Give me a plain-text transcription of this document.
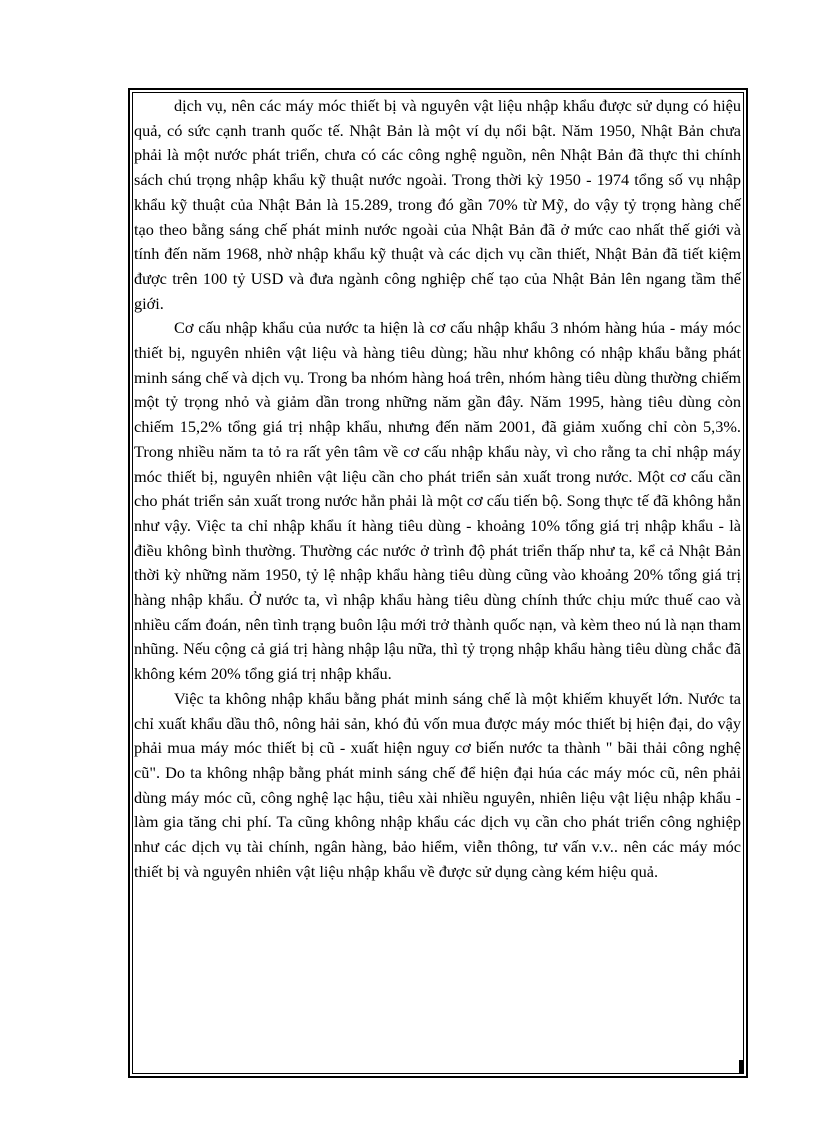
dịch vụ, nên các máy móc thiết bị và nguyên vật liệu nhập khẩu được sử dụng có hiệu quả, có sức cạnh tranh quốc tế. Nhật Bản là một ví dụ nổi bật. Năm 1950, Nhật Bản chưa phải là một nước phát triển, chưa có các công nghệ nguồn, nên Nhật Bản đã thực thi chính sách chú trọng nhập khẩu kỹ thuật nước ngoài. Trong thời kỳ 1950 - 1974 tổng số vụ nhập khẩu kỹ thuật của Nhật Bản là 15.289, trong đó gần 70% từ Mỹ, do vậy tỷ trọng hàng chế tạo theo bằng sáng chế phát minh nước ngoài của Nhật Bản đã ở mức cao nhất thế giới và tính đến năm 1968, nhờ nhập khẩu kỹ thuật và các dịch vụ cần thiết, Nhật Bản đã tiết kiệm được trên 100 tỷ USD và đưa ngành công nghiệp chế tạo của Nhật Bản lên ngang tầm thế giới.

Cơ cấu nhập khẩu của nước ta hiện là cơ cấu nhập khẩu 3 nhóm hàng húa - máy móc thiết bị, nguyên nhiên vật liệu và hàng tiêu dùng; hầu như không có nhập khẩu bằng phát minh sáng chế và dịch vụ. Trong ba nhóm hàng hoá trên, nhóm hàng tiêu dùng thường chiếm một tỷ trọng nhỏ và giảm dần trong những năm gần đây. Năm 1995, hàng tiêu dùng còn chiếm 15,2% tổng giá trị nhập khẩu, nhưng đến năm 2001, đã giảm xuống chỉ còn 5,3%. Trong nhiều năm ta tỏ ra rất yên tâm về cơ cấu nhập khẩu này, vì cho rằng ta chỉ nhập máy móc thiết bị, nguyên nhiên vật liệu cần cho phát triển sản xuất trong nước. Một cơ cấu cần cho phát triển sản xuất trong nước hẳn phải là một cơ cấu tiến bộ. Song thực tế đã không hẳn như vậy. Việc ta chỉ nhập khẩu ít hàng tiêu dùng - khoảng 10% tổng giá trị nhập khẩu - là điều không bình thường. Thường các nước ở trình độ phát triển thấp như ta, kể cả Nhật Bản thời kỳ những năm 1950, tỷ lệ nhập khẩu hàng tiêu dùng cũng vào khoảng 20% tổng giá trị hàng nhập khẩu. Ở nước ta, vì nhập khẩu hàng tiêu dùng chính thức chịu mức thuế cao và nhiều cấm đoán, nên tình trạng buôn lậu mới trở thành quốc nạn, và kèm theo nú là nạn tham nhũng. Nếu cộng cả giá trị hàng nhập lậu nữa, thì tỷ trọng nhập khẩu hàng tiêu dùng chắc đã không kém 20% tổng giá trị nhập khẩu.

Việc ta không nhập khẩu bằng phát minh sáng chế là một khiếm khuyết lớn. Nước ta chỉ xuất khẩu dầu thô, nông hải sản, khó đủ vốn mua được máy móc thiết bị hiện đại, do vậy phải mua máy móc thiết bị cũ - xuất hiện nguy cơ biến nước ta thành " bãi thải công nghệ cũ". Do ta không nhập bằng phát minh sáng chế để hiện đại húa các máy móc cũ, nên phải dùng máy móc cũ, công nghệ lạc hậu, tiêu xài nhiều nguyên, nhiên liệu vật liệu nhập khẩu - làm gia tăng chi phí. Ta cũng không nhập khẩu các dịch vụ cần cho phát triển công nghiệp như các dịch vụ tài chính, ngân hàng, bảo hiểm, viễn thông, tư vấn v.v.. nên các máy móc thiết bị và nguyên nhiên vật liệu nhập khẩu về được sử dụng càng kém hiệu quả.
